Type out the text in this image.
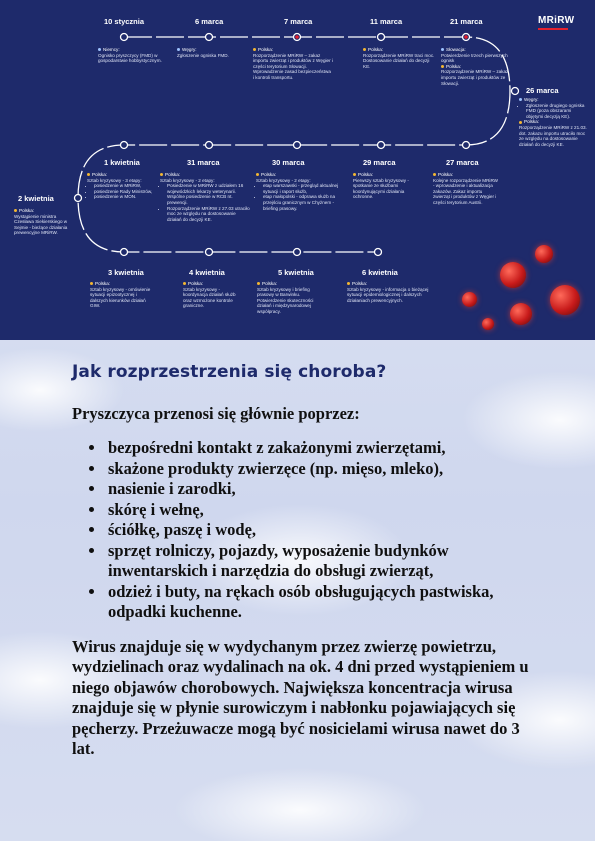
MRiRW
10 stycznia
Niemcy:
Ognisko pryszczycy (FMD) w gospodarstwie hobbystycznym.
6 marca
Węgry:
Zgłoszenie ogniska FMD.
7 marca
Polska:
Rozporządzenie MRiRW – zakaz importu zwierząt i produktów z Węgier i części terytorium Słowacji. Wprowadzenie zasad bezpieczeństwa i kontroli transportu.
11 marca
Polska:
Rozporządzenie MRiRW traci moc. Dostosowanie działań do decyzji KE.
21 marca
Słowacja:
Potwierdzenie trzech pierwszych ognisk
Polska:
Rozporządzenie MRiRW – zakaz importu zwierząt i produktów ze Słowacji.
26 marca
Węgry:
• Zgłoszenie drugiego ogniska FMD (poza obszarami objętymi decyzją KE).
Polska:
Rozporządzenie MRiRW z 21.03. dot. zakazu importu utraciło moc ze względu na dostosowanie działań do decyzji KE.
27 marca
Polska:
Kolejne rozporządzenie MRiRW - wprowadzenie i aktualizacja zakazów. Zakaz importu zwierząt i produktów z Węgier i części terytorium Austrii.
29 marca
Polska:
Pierwszy sztab kryzysowy - spotkanie ze służbami koordynującymi działania ochronne.
30 marca
Polska:
Sztab kryzysowy - 2 etapy:
• etap warszawski - przegląd aktualnej sytuacji i raport służb,
• etap małopolski - odprawa służb na przejściu granicznym w Chyżnem - briefing prasowy.
31 marca
Polska:
Sztab kryzysowy - 2 etapy:
• Posiedzenie w MRiRW z udziałem 16 wojewódzkich lekarzy weterynarii. Wspólne posiedzenie w RCB nt. prewencji.
• Rozporządzenie MRiRW z 27.03 utraciło moc ze względu na dostosowanie działań do decyzji KE.
1 kwietnia
Polska:
Sztab kryzysowy - 3 etapy:
• posiedzenie w MRiRW,
• posiedzenie Rady Ministrów,
• posiedzenie w MON.
2 kwietnia
Polska:
Wystąpienie ministra Czesława Siekierskiego w Sejmie - bieżące działania prewencyjne MRiRW.
3 kwietnia
Polska:
Sztab kryzysowy - omówienie sytuacji epizootycznej i dalszych kierunków działań GIW.
4 kwietnia
Polska:
Sztab kryzysowy - koordynacja działań służb oraz wzmożone kontrole graniczne.
5 kwietnia
Polska:
Sztab kryzysowy i briefing prasowy w Barwinku. Potwierdzenie skuteczności działań i międzynarodowej współpracy.
6 kwietnia
Polska:
Sztab kryzysowy - informacja o bieżącej sytuacji epidemiologicznej i dalszych działaniach prewencyjnych.
Jak rozprzestrzenia się choroba?

Pryszczyca przenosi się głównie poprzez:

• bezpośredni kontakt z zakażonymi zwierzętami,
• skażone produkty zwierzęce (np. mięso, mleko),
• nasienie i zarodki,
• skórę i wełnę,
• ściółkę, paszę i wodę,
• sprzęt rolniczy, pojazdy, wyposażenie budynków inwentarskich i narzędzia do obsługi zwierząt,
• odzież i buty, na rękach osób obsługujących pastwiska, odpadki kuchenne.

Wirus znajduje się w wydychanym przez zwierzę powietrzu, wydzielinach oraz wydalinach na ok. 4 dni przed wystąpieniem u niego objawów chorobowych. Największa koncentracja wirusa znajduje się w płynie surowiczym i nabłonku pojawiających się pęcherzy. Przeżuwacze mogą być nosicielami wirusa nawet do 3 lat.
